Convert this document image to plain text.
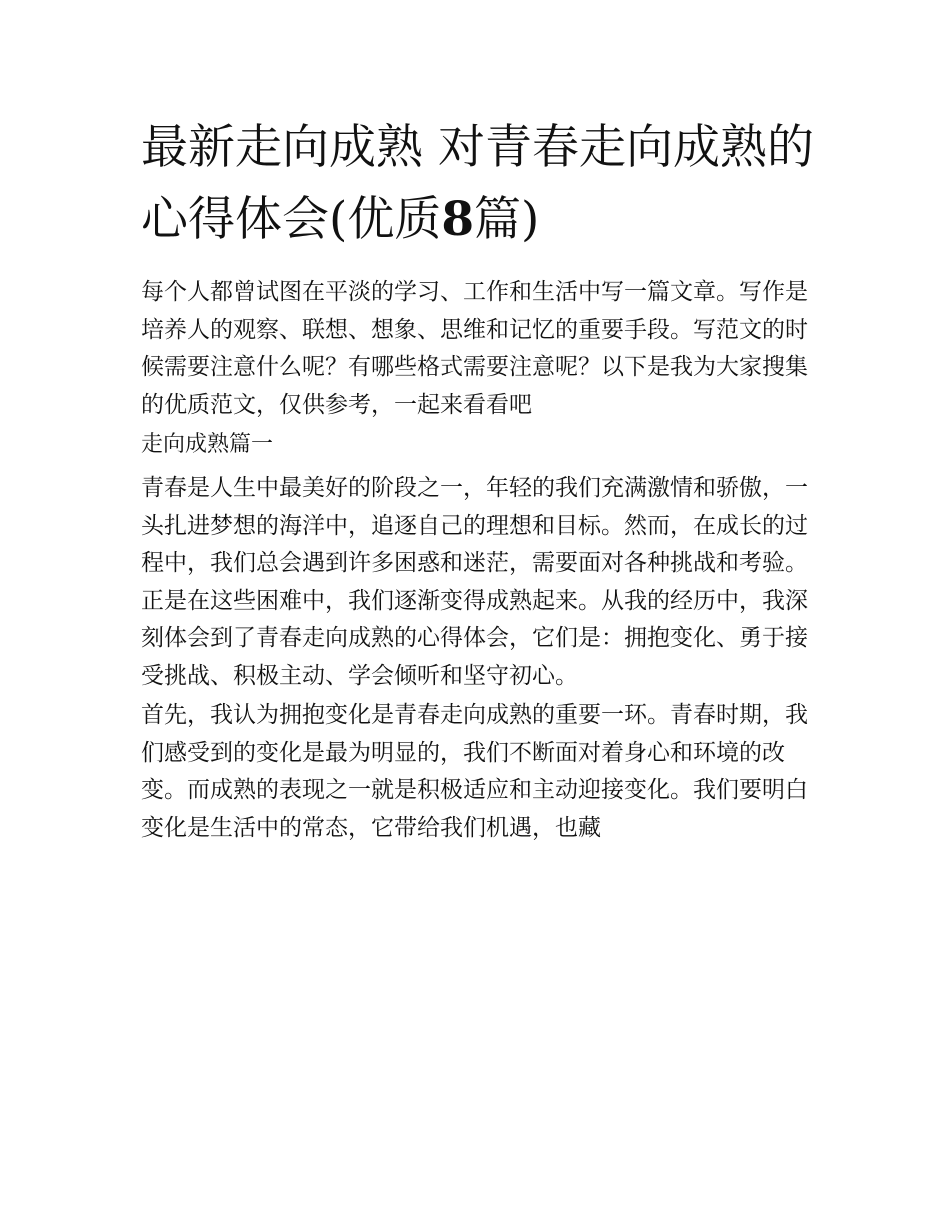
最新走向成熟 对青春走向成熟的心得体会(优质8篇)

每个人都曾试图在平淡的学习、工作和生活中写一篇文章。写作是培养人的观察、联想、想象、思维和记忆的重要手段。写范文的时候需要注意什么呢？有哪些格式需要注意呢？以下是我为大家搜集的优质范文，仅供参考，一起来看看吧

走向成熟篇一

青春是人生中最美好的阶段之一，年轻的我们充满激情和骄傲，一头扎进梦想的海洋中，追逐自己的理想和目标。然而，在成长的过程中，我们总会遇到许多困惑和迷茫，需要面对各种挑战和考验。正是在这些困难中，我们逐渐变得成熟起来。从我的经历中，我深刻体会到了青春走向成熟的心得体会，它们是：拥抱变化、勇于接受挑战、积极主动、学会倾听和坚守初心。

首先，我认为拥抱变化是青春走向成熟的重要一环。青春时期，我们感受到的变化是最为明显的，我们不断面对着身心和环境的改变。而成熟的表现之一就是积极适应和主动迎接变化。我们要明白变化是生活中的常态，它带给我们机遇，也藏
